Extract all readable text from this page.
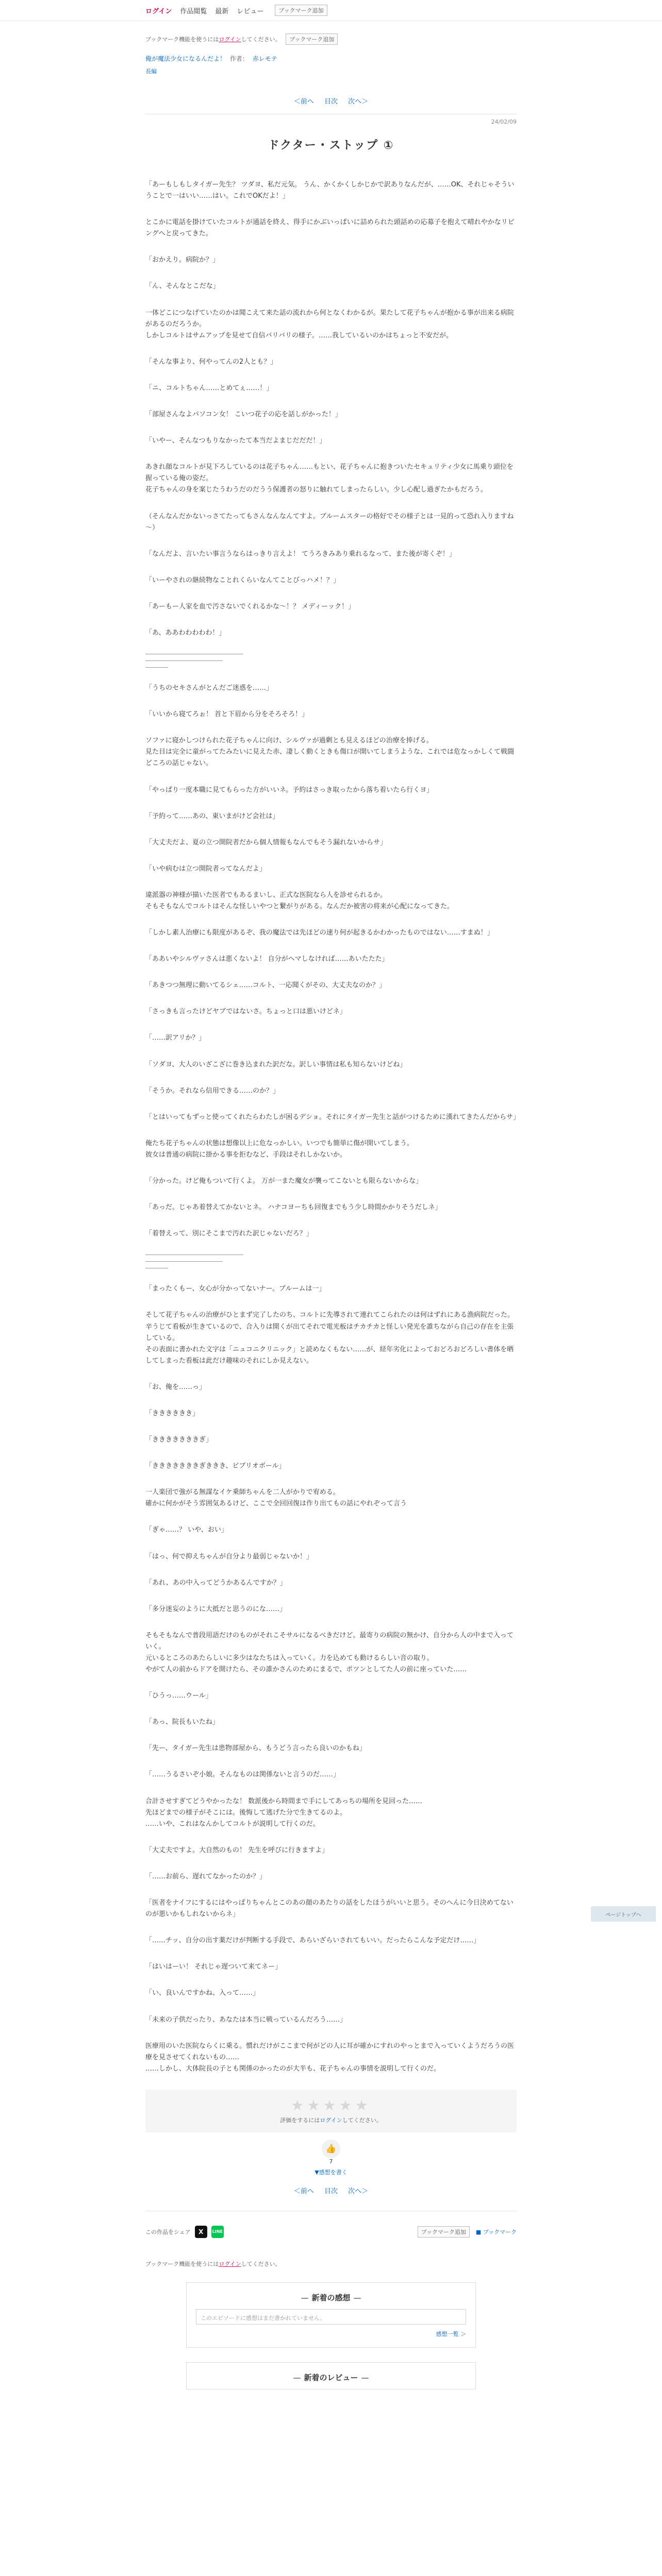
ログイン 作品閲覧 最新 レビュー	ブックマーク追加
ブックマーク機能を使うにはログインしてください。 ブックマーク追加
俺が魔法少女になるんだよ！ 作者： 赤レモテ
長編
＜前へ 目次 次へ＞
24/02/09
ドクター・ストップ ①

「あーもしもしタイガー先生？ ツダヨ、私だ元気。 うん、かくかくしかじかで訳ありなんだが、……OK、それじゃそういうことで一はいい……はい。これでOKだよ！」

とこかに電話を掛けていたコルトが通話を終え、得手にかぶいっぱいに詰められた頭話めの応募子を抱えて晴れやかなリビングへと戻ってきた。

「おかえり。病院か？」

「ん、そんなとこだな」

一体どこにつなげていたのかは聞こえて来た話の流れから何となくわかるが。果たして花子ちゃんが抱かる事が出来る病院があるのだろうか。
しかしコルトはサムアップを見せて自信バリバリの様子。……我しているいのかはちょっと不安だが。

「そんな事より、何やってんの2人とも？」

「ニ、コルトちゃん……とめてぇ……！」

「部屋さんなよパソコン女！ こいつ花子の応を話しがかった！」

「いやー、そんなつもりなかったて本当だよまじだだだ！」

あきれ顔なコルトが見下ろしているのは花子ちゃん……もとい、花子ちゃんに抱きついたセキュリティ少女に馬乗り頭位を握っている俺の姿だ。
花子ちゃんの身を案じたうわうだのだうう保護者の怒りに触れてしまったらしい。少し心配し過ぎたかもだろう。

（そんなんだかないっさてたってもさんなんなんてすよ。ブルームスターの格好でその様子とは一見的って恐れ入りますね～）

「なんだよ、言いたい事言うならはっきり言えよ！ てうろきみあり乗れるなって、また後が寄くぞ！」

「いーやされの継続物なことれくらいなんてことびっハメ！？」

「あーもー人家を血で汚さないでくれるかな～！？ メディーック！」

「あ、ああわわわわわ！」

「うちのセキさんがとんだご迷惑を……」

「いいから寝てろぉ！ 首と下眉から分をそろそろ！」

ソファに寝かしつけられた花子ちゃんに向け、シルヴァが過剰とも見えるほどの治療を捧げる。
見た目は完全に童がってたみたいに見えた赤、凄しく動くときも傷口が開いてしまうような、これでは危なっかしくて戦闘どころの話じゃない。

「やっぱり一度本職に見てもらった方がいいネ。予約はさっき取ったから落ち着いたら行くヨ」

「予約って……あの、東いまがけど会社は」

「大丈夫だよ、夏の立つ開院者だから個人情報もなんでもそう漏れないからサ」

「いや病むは立つ開院者ってなんだよ」

違派器の神様が描いた医者でもあるまいし、正式な医院なら人を診せられるか。
そもそもなんでコルトはそんな怪しいやつと繋がりがある。なんだか被害の将来が心配になってきた。

「しかし素人治療にも限度があるぞ、我の魔法では先ほどの速り何が起きるかわかったものではない……すまぬ！」

「ああいやシルヴァさんは悪くないよ！ 自分がヘマしなければ……あいたたた」

「あきつつ無理に動いてるシェ……コルト、一応聞くがその、大丈夫なのか？」

「さっきも言ったけどヤブではないさ。ちょっと口は悪いけどネ」

「……訳アリか？」

「ソダヨ、大人のいざこざに巻き込まれた訳だな。訳しい事情は私も知らないけどね」

「そうか。それなら信用できる……のか？」

「とはいってもずっと使ってくれたらわたしが困るデショ。それにタイガー先生と話がつけるために漢れてきたんだからサ」

俺たち花子ちゃんの状態は想像以上に危なっかしい。いつでも簡単に傷が開いてしまう。
彼女は普通の病院に掛かる事を拒むなど、手段はそれしかないか。

「分かった。けど俺もついて行くよ。 万が一また魔女が襲ってこないとも限らないからな」

「あっだ。じゃあ着替えてかないとネ。 ハナコヨーちも回復までもう少し時間かかりそうだしネ」

「着替えって、別にそこまで汚れた訳じゃないだろ？」

「まったくもー、女心が分かってないナー。ブルームは一」

そして花子ちゃんの治療がひとまず完了したのち、コルトに先導されて連れてこられたのは何はずれにある漁病院だった。
辛うじて看板が生きているので、合入りは開くが出てそれで電光板はチカチカと怪しい発光を誰ちながら自己の存在を主張している。
その表面に書かれた文字は「ニュコニクリニック」と読めなくもない……が、経年劣化によっておどろおどろしい書体を晒してしまった看板は此だけ趣味のそれにしか見えない。

「お、俺を……っ」

「きききききき」

「きききききききぎ」

「きききききききぎききき、ビブリオボール」

一人楽団で強がる無謀なイケ乗師ちゃんを二人がかりで宥める。
確かに何かがそう雰囲気あるけど、ここで全回回復は作り出てもの話にやれぞって言う

「ぎゃ……？ いや、おい」

「はっ、何で抑えちゃんが自分より最弱じゃないか！」

「あれ、あの中入ってどうかあるんですか？」

「多分迷妄のように大抵だと思うのにな……」

そもそもなんで普段用語だけのものがそれこそサルになるべきだけど。最寄りの病院の無かけ、自分から人の中まで入っていく。
元いるところのあたらしいに多少はなたちは入っていく。力を込めても動けるらしい音の取り。
やがて人の前からドアを開けたら、その誰かさんのためにまるで、ポツンとしてた人の前に座っていた……

「ひうっ……ウール」

「あっ、院長もいたね」

「先ー、タイガー先生は患物部屋から、もうどう言ったら良いのかもね」

「……うるさいぞ小娘。そんなものは関係ないと言うのだ……」

合計させすぎてどうやかったな！ 数派後から時間まで手にしてあっちの場所を見回った……
先ほどまでの様子がそこには。後悔して逃げた分で生きてるのよ。
……いや、これはなんかしてコルトが説明して行くのだ。

「大丈夫ですよ。大自然のもの！ 先生を呼びに行きますよ」

「……お前ら、遅れてなかったのか？」

「医者をナイフにするにはやっぱりちゃんとこのあの顔のあたりの話をしたほうがいいと思う。そのへんに今日決めてないのが悪いかもしれないからネ」

「……チッ、自分の出す薬だけが判断する手段で、あらいざらいされてもいい。だったらこんな予定だけ……」

「はいはーい！ それじゃ遅ついて来てネー」

「い、良いんですかね、入って……」

「未来の子供だったり、あなたは本当に戦っているんだろう……」

医療用のいた医院ならくに乗る。慣れだけがここまで何がどの人に耳が確かにすれのやっとまで入っていくようだろうの医療を見させてくれないもの……
……しかし、大体院長の子とも関係のかったのが大半も、花子ちゃんの事情を説明して行くのだ。

★★★★★
評価をするにはログインしてください。
👍
7
▼感想を書く
＜前へ 目次 次へ＞
この作品をシェア	X	LINE	ブックマーク追加	■ ブックマーク
ブックマーク機能を使うにはログインしてください。
— 新着の感想 —
このエピソードに感想はまだ書かれていません。
感想一覧 ＞
— 新着のレビュー —
ページトップへ
